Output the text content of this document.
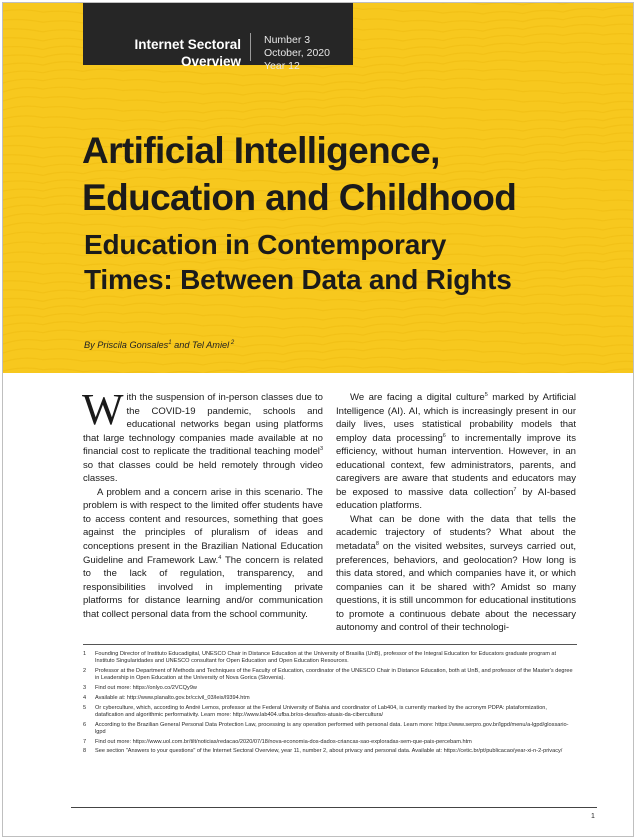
Internet Sectoral
Overview
Number 3
October, 2020
Year 12
Artificial Intelligence,
Education and Childhood
Education in Contemporary
Times: Between Data and Rights
By Priscila Gonsales$^1$ and Tel Amiel $^2$

With the suspension of in-person classes due to the COVID-19 pandemic, schools and educational networks began using platforms that large technology companies made available at no financial cost to replicate the traditional teaching model$^3$ so that classes could be held remotely through video classes.

A problem and a concern arise in this scenario. The problem is with respect to the limited offer students have to access content and resources, something that goes against the principles of pluralism of ideas and conceptions present in the Brazilian National Education Guideline and Framework Law.$^4$ The concern is related to the lack of regulation, transparency, and responsibilities involved in implementing private platforms for distance learning and/or communication that collect personal data from the school community.

We are facing a digital culture$^5$ marked by Artificial Intelligence (AI). AI, which is increasingly present in our daily lives, uses statistical probability models that employ data processing$^6$ to incrementally improve its efficiency, without human intervention. However, in an educational context, few administrators, parents, and caregivers are aware that students and educators may be exposed to massive data collection$^7$ by AI-based education platforms.

What can be done with the data that tells the academic trajectory of students? What about the metadata$^8$ on the visited websites, surveys carried out, preferences, behaviors, and geolocation? How long is this data stored, and which companies have it, or which companies can it be shared with? Amidst so many questions, it is still uncommon for educational institutions to promote a continuous debate about the necessary autonomy and control of their technologi-

1 Founding Director of Instituto Educadigital, UNESCO Chair in Distance Education at the University of Brasilia (UnB), professor of the Integral Education for Educators graduate program at Instituto Singularidades and UNESCO consultant for Open Education and Open Education Resources.
2 Professor at the Department of Methods and Techniques of the Faculty of Education, coordinator of the UNESCO Chair in Distance Education, both at UnB, and professor of the Master's degree in Leadership in Open Education at the University of Nova Gorica (Slovenia).
3 Find out more: https://onlyo.co/2VCQy9w
4 Available at: http://www.planalto.gov.br/ccivil_03/leis/l9394.htm
5 Or cyberculture, which, according to André Lemos, professor at the Federal University of Bahia and coordinator of Lab404, is currently marked by the acronym PDPA: plataformization, datafication and algorithmic performativity. Learn more: http://www.lab404.ufba.br/os-desafios-atuais-da-cibercultura/
6 According to the Brazilian General Personal Data Protection Law, processing is any operation performed with personal data. Learn more: https://www.serpro.gov.br/lgpd/menu/a-lgpd/glossario-lgpd
7 Find out more: https://www.uol.com.br/tilt/noticias/redacao/2020/07/18/nova-economia-dos-dados-criancas-sao-exploradas-sem-que-pais-percebam.htm
8 See section "Answers to your questions" of the Internet Sectoral Overview, year 11, number 2, about privacy and personal data. Available at: https://cetic.br/pt/publicacao/year-xi-n-2-privacy/
1
